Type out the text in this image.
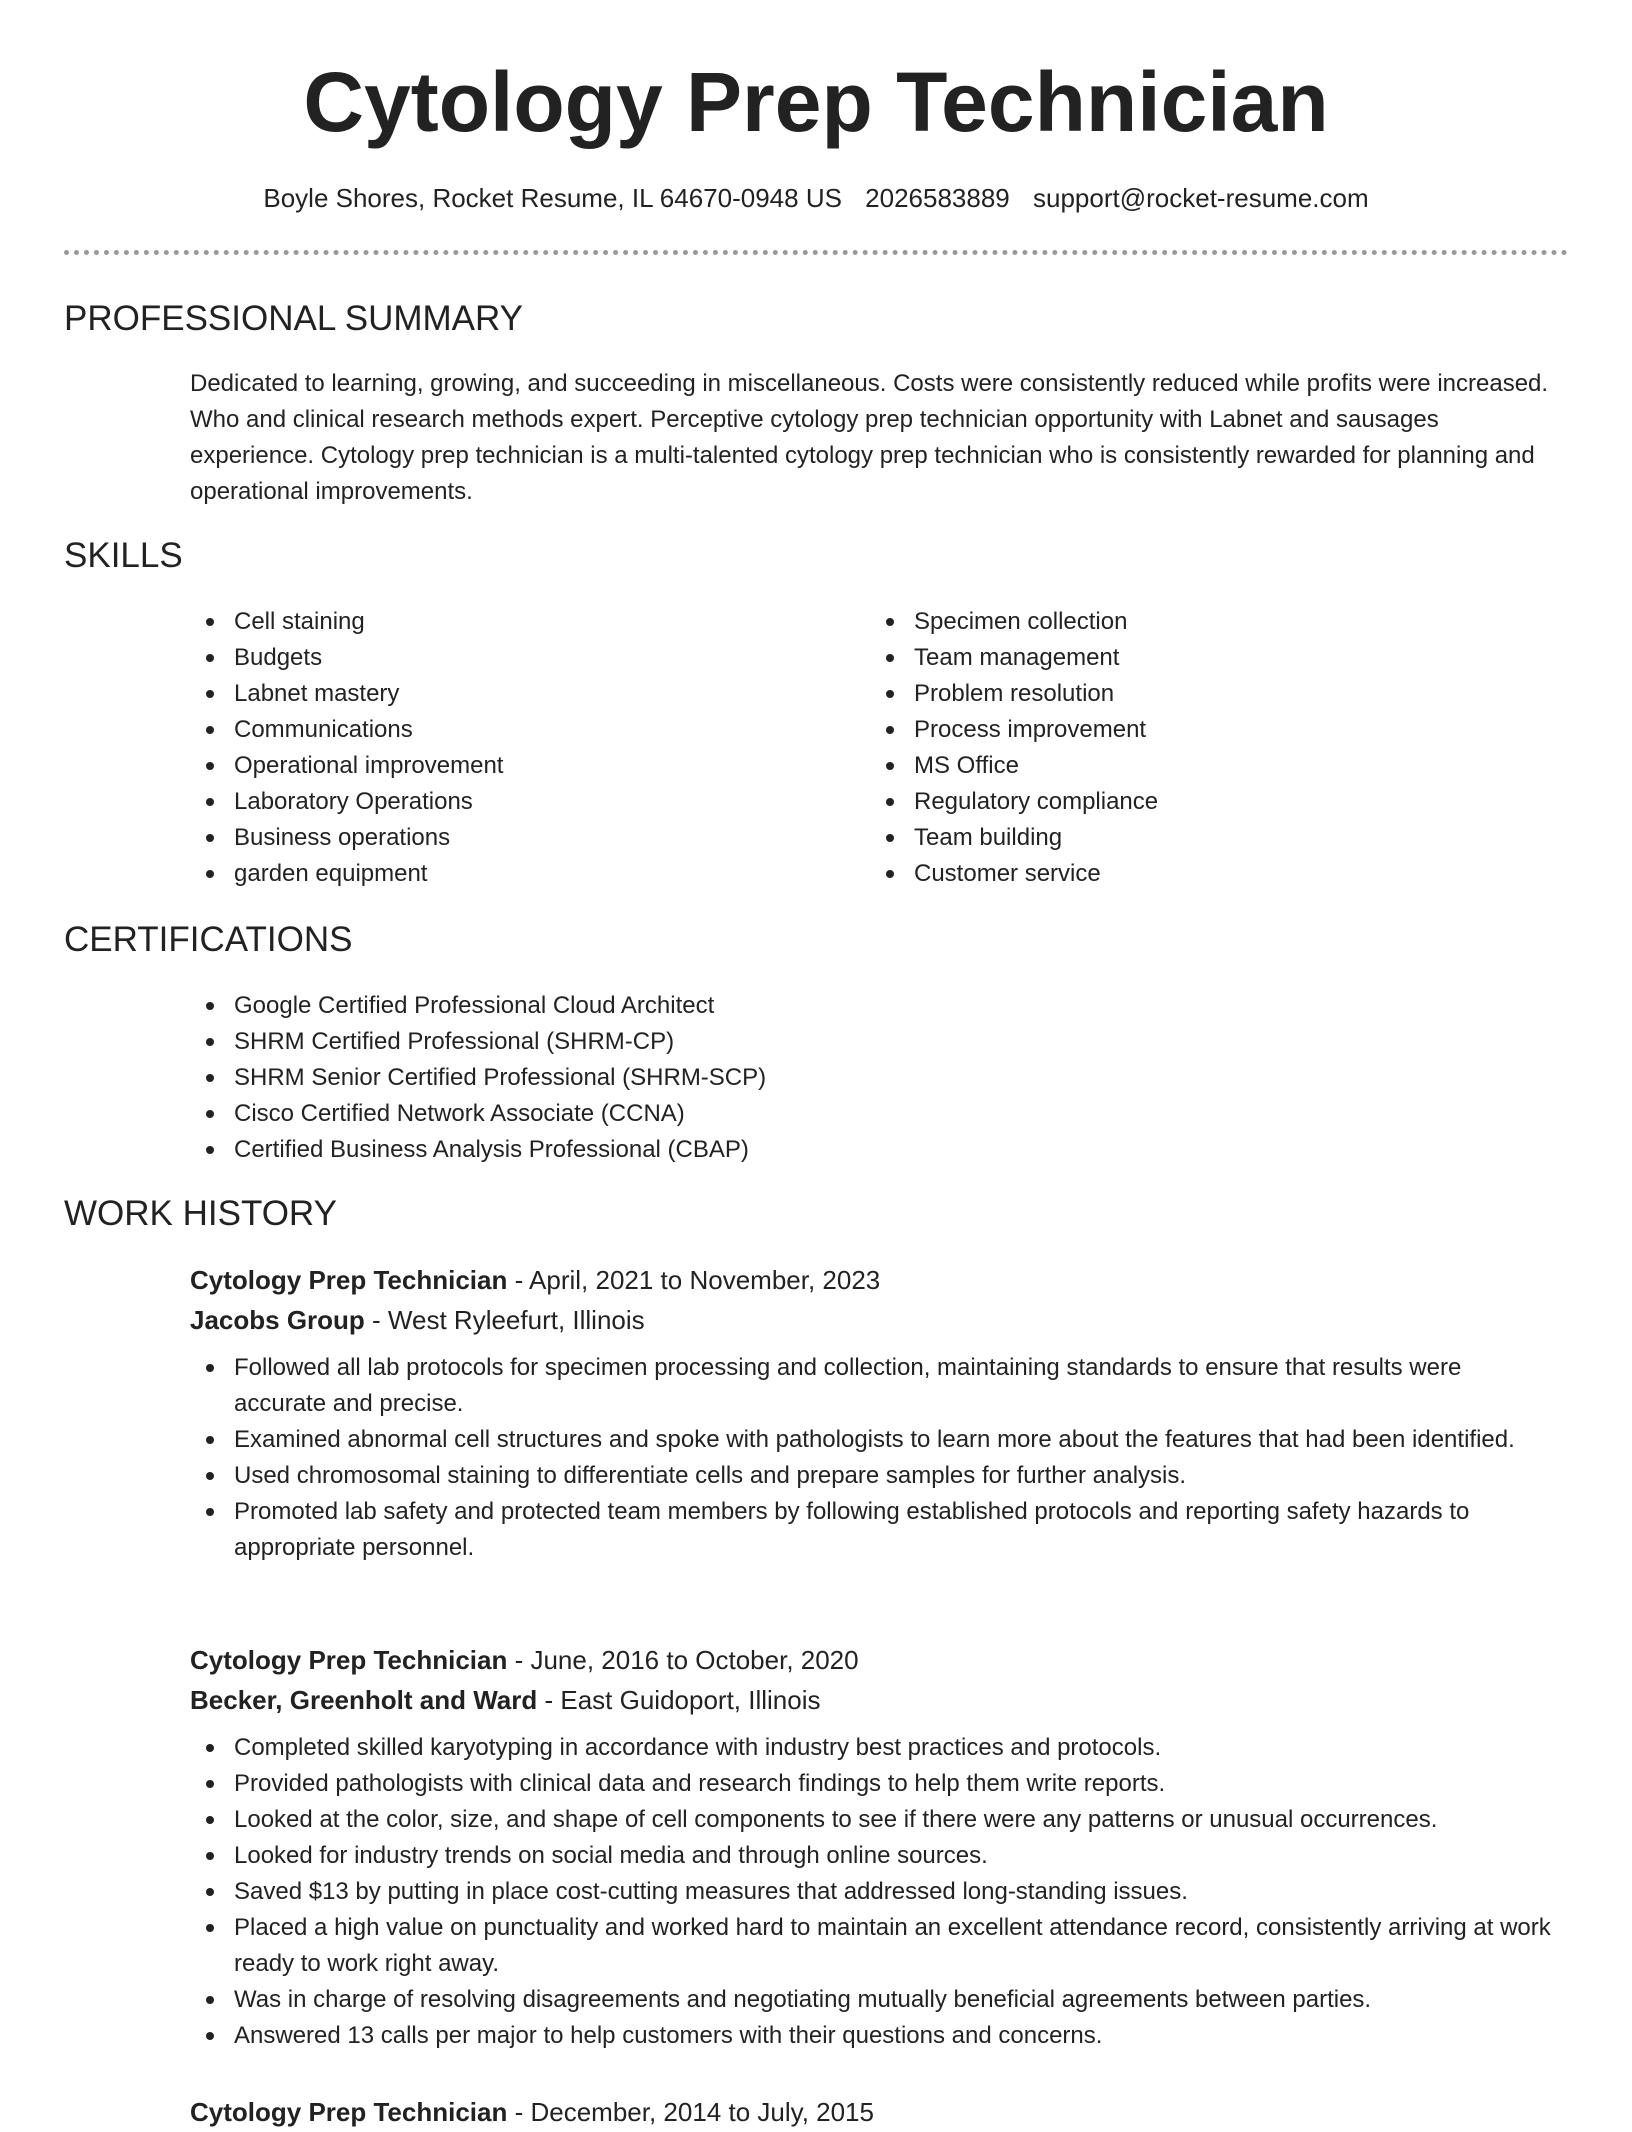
Cytology Prep Technician
Boyle Shores, Rocket Resume, IL 64670-0948 US 2026583889 support@rocket-resume.com
PROFESSIONAL SUMMARY

Dedicated to learning, growing, and succeeding in miscellaneous. Costs were consistently reduced while profits were increased. Who and clinical research methods expert. Perceptive cytology prep technician opportunity with Labnet and sausages experience. Cytology prep technician is a multi-talented cytology prep technician who is consistently rewarded for planning and operational improvements.

SKILLS
Cell staining
Budgets
Labnet mastery
Communications
Operational improvement
Laboratory Operations
Business operations
garden equipment
Specimen collection
Team management
Problem resolution
Process improvement
MS Office
Regulatory compliance
Team building
Customer service
CERTIFICATIONS
Google Certified Professional Cloud Architect
SHRM Certified Professional (SHRM-CP)
SHRM Senior Certified Professional (SHRM-SCP)
Cisco Certified Network Associate (CCNA)
Certified Business Analysis Professional (CBAP)
WORK HISTORY
Cytology Prep Technician - April, 2021 to November, 2023
Jacobs Group - West Ryleefurt, Illinois
Followed all lab protocols for specimen processing and collection, maintaining standards to ensure that results were accurate and precise.
Examined abnormal cell structures and spoke with pathologists to learn more about the features that had been identified.
Used chromosomal staining to differentiate cells and prepare samples for further analysis.
Promoted lab safety and protected team members by following established protocols and reporting safety hazards to appropriate personnel.
Cytology Prep Technician - June, 2016 to October, 2020
Becker, Greenholt and Ward - East Guidoport, Illinois
Completed skilled karyotyping in accordance with industry best practices and protocols.
Provided pathologists with clinical data and research findings to help them write reports.
Looked at the color, size, and shape of cell components to see if there were any patterns or unusual occurrences.
Looked for industry trends on social media and through online sources.
Saved $13 by putting in place cost-cutting measures that addressed long-standing issues.
Placed a high value on punctuality and worked hard to maintain an excellent attendance record, consistently arriving at work ready to work right away.
Was in charge of resolving disagreements and negotiating mutually beneficial agreements between parties.
Answered 13 calls per major to help customers with their questions and concerns.
Cytology Prep Technician - December, 2014 to July, 2015
